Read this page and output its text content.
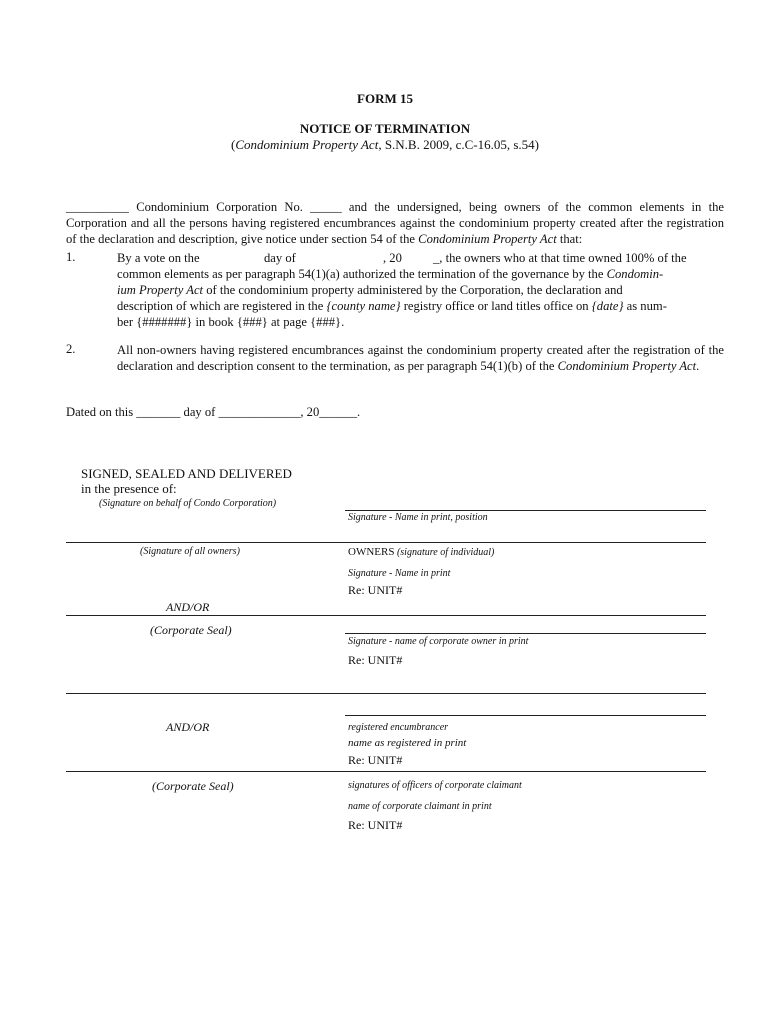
FORM 15
NOTICE OF TERMINATION
(Condominium Property Act, S.N.B. 2009, c.C-16.05, s.54)
__________ Condominium Corporation No. _____ and the undersigned, being owners of the common elements in the Corporation and all the persons having registered encumbrances against the condominium property created after the registration of the declaration and description, give notice under section 54 of the Condominium Property Act that:
1.	By a vote on the	day of	, 20 _, the owners who at that time owned 100% of the
common elements as per paragraph 54(1)(a) authorized the termination of the governance by the Condomin-
ium Property Act of the condominium property administered by the Corporation, the declaration and
description of which are registered in the {county name} registry office or land titles office on {date} as num-
ber {#######} in book {###} at page {###}.
2.	All non-owners having registered encumbrances against the condominium property created after the registration of the declaration and description consent to the termination, as per paragraph 54(1)(b) of the Condominium Property Act.
Dated on this _______ day of _____________, 20______.
SIGNED, SEALED AND DELIVERED
in the presence of:
(Signature on behalf of Condo Corporation)
Signature - Name in print, position
(Signature of all owners)	OWNERS (signature of individual)
Signature - Name in print
Re: UNIT#
AND/OR
(Corporate Seal)
Signature - name of corporate owner in print
Re: UNIT#
AND/OR	registered encumbrancer
name as registered in print
Re: UNIT#
(Corporate Seal)	signatures of officers of corporate claimant
name of corporate claimant in print
Re: UNIT#
